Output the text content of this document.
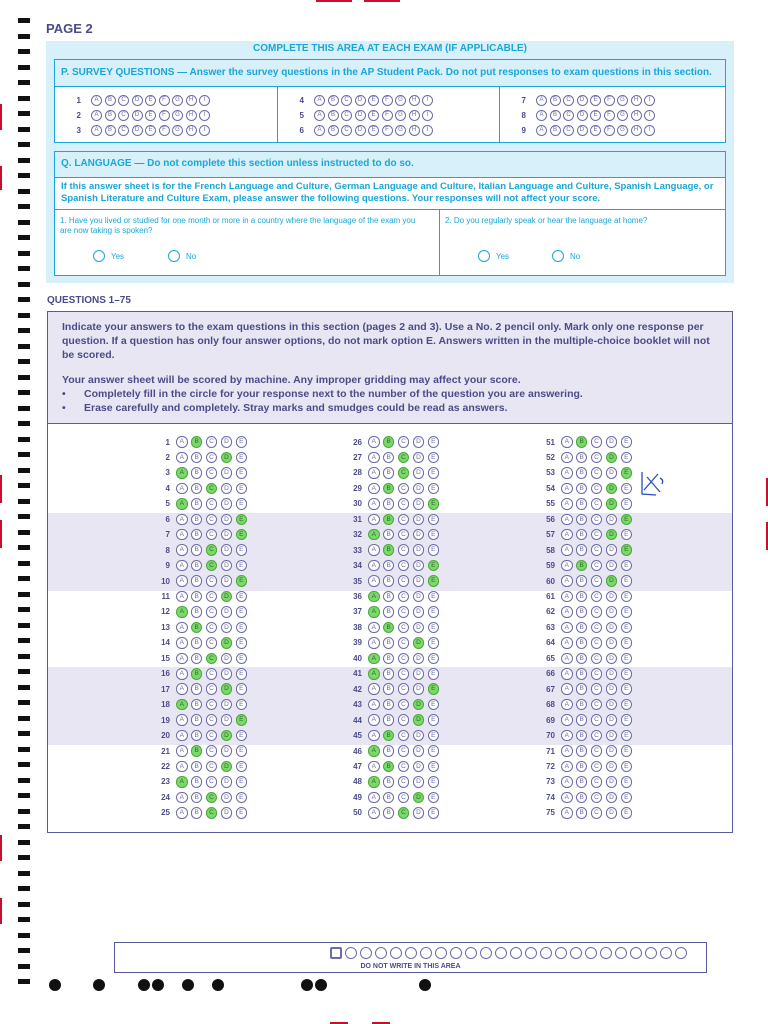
PAGE 2
COMPLETE THIS AREA AT EACH EXAM (IF APPLICABLE)
P. SURVEY QUESTIONS — Answer the survey questions in the AP Student Pack. Do not put responses to exam questions in this section.
1	A	B	C	D	E	F	G	H	I
2	A	B	C	D	E	F	G	H	I
3	A	B	C	D	E	F	G	H	I
4	A	B	C	D	E	F	G	H	I
5	A	B	C	D	E	F	G	H	I
6	A	B	C	D	E	F	G	H	I
7	A	B	C	D	E	F	G	H	I
8	A	B	C	D	E	F	G	H	I
9	A	B	C	D	E	F	G	H	I
Q. LANGUAGE — Do not complete this section unless instructed to do so.
If this answer sheet is for the French Language and Culture, German Language and Culture, Italian Language and Culture, Spanish Language, or Spanish Literature and Culture Exam, please answer the following questions. Your responses will not affect your score.
1. Have you lived or studied for one month or more in a country where the language of the exam you are now taking is spoken?
Yes	No
2. Do you regularly speak or hear the language at home?
Yes	No
QUESTIONS 1–75

Indicate your answers to the exam questions in this section (pages 2 and 3). Use a No. 2 pencil only. Mark only one response per question. If a question has only four answer options, do not mark option E. Answers written in the multiple-choice booklet will not be scored.

Your answer sheet will be scored by machine. Any improper gridding may affect your score.
• Completely fill in the circle for your response next to the number of the question you are answering.
• Erase carefully and completely. Stray marks and smudges could be read as answers.
1	A	B	C	D	E
2	A	B	C	D	E
3	A	B	C	D	E
4	A	B	C	D	E
5	A	B	C	D	E
6	A	B	C	D	E
7	A	B	C	D	E
8	A	B	C	D	E
9	A	B	C	D	E
10	A	B	C	D	E
11	A	B	C	D	E
12	A	B	C	D	E
13	A	B	C	D	E
14	A	B	C	D	E
15	A	B	C	D	E
16	A	B	C	D	E
17	A	B	C	D	E
18	A	B	C	D	E
19	A	B	C	D	E
20	A	B	C	D	E
21	A	B	C	D	E
22	A	B	C	D	E
23	A	B	C	D	E
24	A	B	C	D	E
25	A	B	C	D	E
26	A	B	C	D	E
27	A	B	C	D	E
28	A	B	C	D	E
29	A	B	C	D	E
30	A	B	C	D	E
31	A	B	C	D	E
32	A	B	C	D	E
33	A	B	C	D	E
34	A	B	C	D	E
35	A	B	C	D	E
36	A	B	C	D	E
37	A	B	C	D	E
38	A	B	C	D	E
39	A	B	C	D	E
40	A	B	C	D	E
41	A	B	C	D	E
42	A	B	C	D	E
43	A	B	C	D	E
44	A	B	C	D	E
45	A	B	C	D	E
46	A	B	C	D	E
47	A	B	C	D	E
48	A	B	C	D	E
49	A	B	C	D	E
50	A	B	C	D	E
51	A	B	C	D	E
52	A	B	C	D	E
53	A	B	C	D	E
54	A	B	C	D	E
55	A	B	C	D	E
56	A	B	C	D	E
57	A	B	C	D	E
58	A	B	C	D	E
59	A	B	C	D	E
60	A	B	C	D	E
61	A	B	C	D	E
62	A	B	C	D	E
63	A	B	C	D	E
64	A	B	C	D	E
65	A	B	C	D	E
66	A	B	C	D	E
67	A	B	C	D	E
68	A	B	C	D	E
69	A	B	C	D	E
70	A	B	C	D	E
71	A	B	C	D	E
72	A	B	C	D	E
73	A	B	C	D	E
74	A	B	C	D	E
75	A	B	C	D	E
DO NOT WRITE IN THIS AREA
